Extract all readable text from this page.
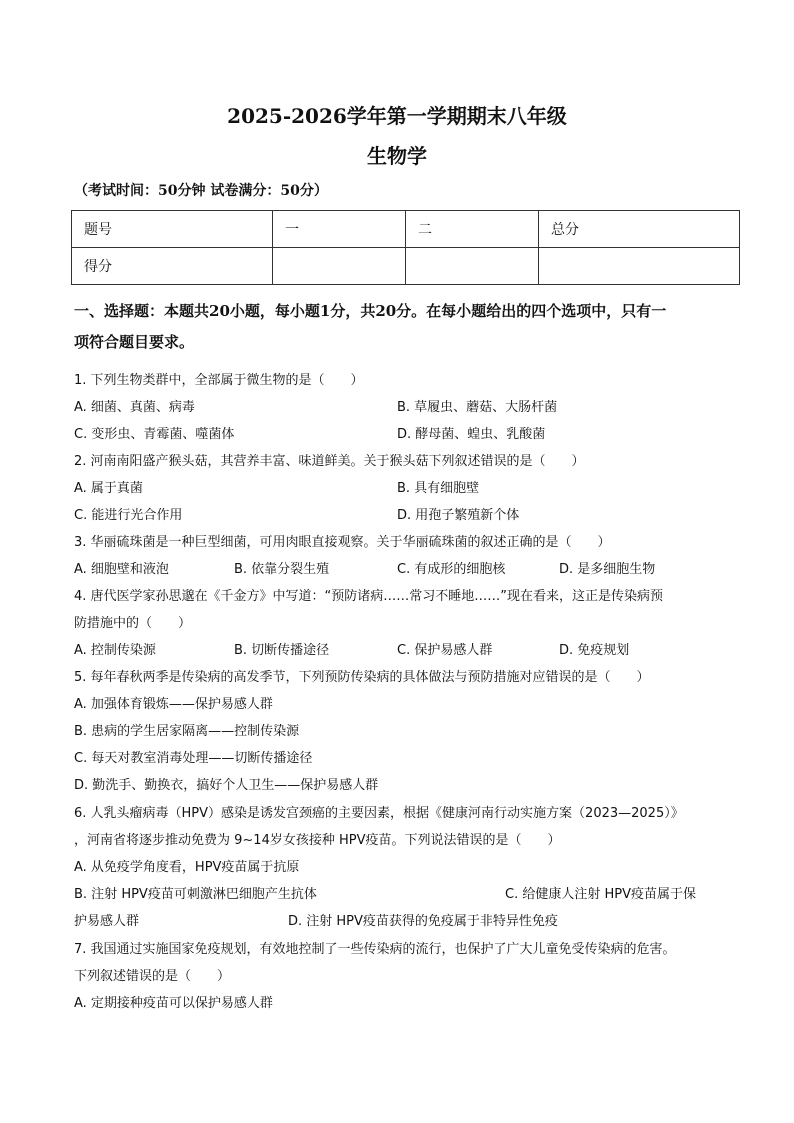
2025-2026学年第一学期期末八年级
生物学
（考试时间：50分钟 试卷满分：50分）
题号	一	二	总分
得分			
一、选择题：本题共20小题，每小题1分，共20分。在每小题给出的四个选项中，只有一
项符合题目要求。
1. 下列生物类群中，全部属于微生物的是（　　）
A. 细菌、真菌、病毒	B. 草履虫、蘑菇、大肠杆菌
C. 变形虫、青霉菌、噬菌体	D. 酵母菌、蝗虫、乳酸菌
2. 河南南阳盛产猴头菇，其营养丰富、味道鲜美。关于猴头菇下列叙述错误的是（　　）
A. 属于真菌	B. 具有细胞壁
C. 能进行光合作用	D. 用孢子繁殖新个体
3. 华丽硫珠菌是一种巨型细菌，可用肉眼直接观察。关于华丽硫珠菌的叙述正确的是（　　）
A. 细胞壁和液泡	B. 依靠分裂生殖	C. 有成形的细胞核	D. 是多细胞生物
4. 唐代医学家孙思邈在《千金方》中写道：“预防诸病……常习不睡地……”现在看来，这正是传染病预
防措施中的（　　）
A. 控制传染源	B. 切断传播途径	C. 保护易感人群	D. 免疫规划
5. 每年春秋两季是传染病的高发季节，下列预防传染病的具体做法与预防措施对应错误的是（　　）
A. 加强体育锻炼——保护易感人群
B. 患病的学生居家隔离——控制传染源
C. 每天对教室消毒处理——切断传播途径
D. 勤洗手、勤换衣，搞好个人卫生——保护易感人群
6. 人乳头瘤病毒（HPV）感染是诱发宫颈癌的主要因素，根据《健康河南行动实施方案（2023—2025）》
，河南省将逐步推动免费为 9~14岁女孩接种 HPV疫苗。下列说法错误的是（　　）
A. 从免疫学角度看，HPV疫苗属于抗原
B. 注射 HPV疫苗可刺激淋巴细胞产生抗体	C. 给健康人注射 HPV疫苗属于保
护易感人群	D. 注射 HPV疫苗获得的免疫属于非特异性免疫
7. 我国通过实施国家免疫规划，有效地控制了一些传染病的流行，也保护了广大儿童免受传染病的危害。
下列叙述错误的是（　　）
A. 定期接种疫苗可以保护易感人群
